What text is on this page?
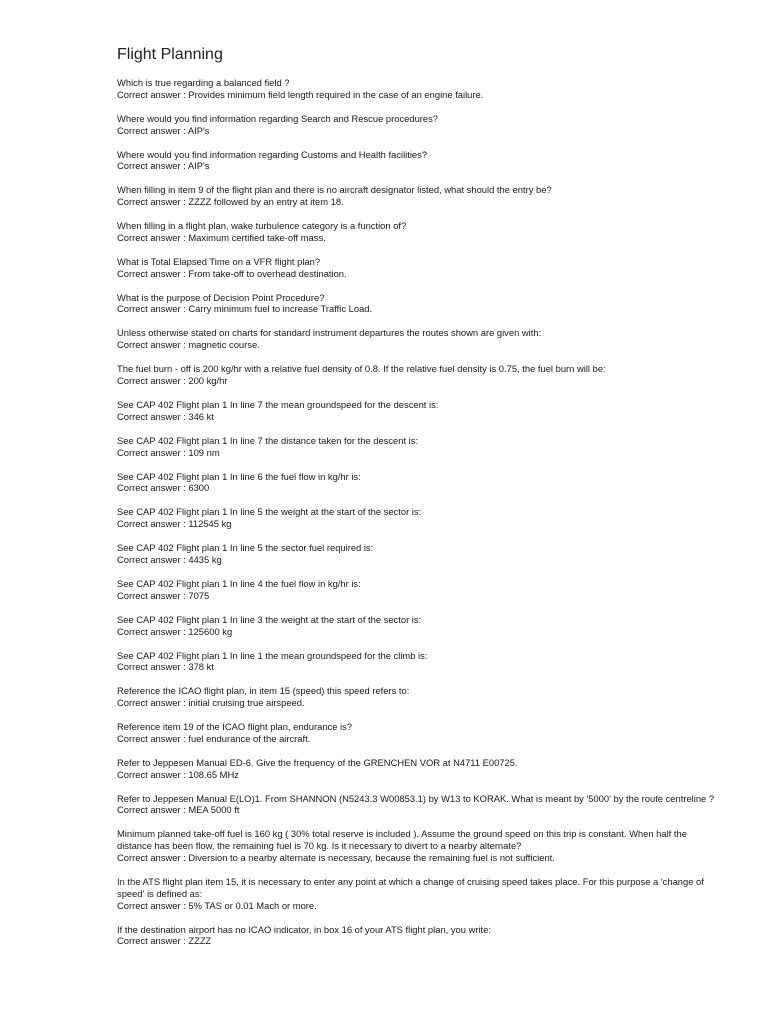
Flight Planning
Which is true regarding a balanced field ?
Correct answer : Provides minimum field length required in the case of an engine failure.
Where would you find information regarding Search and Rescue procedures?
Correct answer : AIP's
Where would you find information regarding Customs and Health facilities?
Correct answer : AIP's
When filling in item 9 of the flight plan and there is no aircraft designator listed, what should the entry be?
Correct answer : ZZZZ followed by an entry at item 18.
When filling in a flight plan, wake turbulence category is a function of?
Correct answer : Maximum certified take-off mass.
What is Total Elapsed Time on a VFR flight plan?
Correct answer : From take-off to overhead destination.
What is the purpose of Decision Point Procedure?
Correct answer : Carry minimum fuel to increase Traffic Load.
Unless otherwise stated on charts for standard instrument departures the routes shown are given with:
Correct answer : magnetic course.
The fuel burn - off is 200 kg/hr with a relative fuel density of 0.8. If the relative fuel density is 0.75, the fuel burn will be:
Correct answer : 200 kg/hr
See CAP 402 Flight plan 1 In line 7 the mean groundspeed for the descent is:
Correct answer : 346 kt
See CAP 402 Flight plan 1 In line 7 the distance taken for the descent is:
Correct answer : 109 nm
See CAP 402 Flight plan 1 In line 6 the fuel flow in kg/hr is:
Correct answer : 6300
See CAP 402 Flight plan 1 In line 5 the weight at the start of the sector is:
Correct answer : 112545 kg
See CAP 402 Flight plan 1 In line 5 the sector fuel required is:
Correct answer : 4435 kg
See CAP 402 Flight plan 1 In line 4 the fuel flow in kg/hr is:
Correct answer : 7075
See CAP 402 Flight plan 1 In line 3 the weight at the start of the sector is:
Correct answer : 125600 kg
See CAP 402 Flight plan 1 In line 1 the mean groundspeed for the climb is:
Correct answer : 378 kt
Reference the ICAO flight plan, in item 15 (speed) this speed refers to:
Correct answer : initial cruising true airspeed.
Reference item 19 of the ICAO flight plan, endurance is?
Correct answer : fuel endurance of the aircraft.
Refer to Jeppesen Manual ED-6. Give the frequency of the GRENCHEN VOR at N4711 E00725.
Correct answer : 108.65 MHz
Refer to Jeppesen Manual E(LO)1. From SHANNON (N5243.3 W00853.1) by W13 to KORAK. What is meant by '5000' by the route centreline ?
Correct answer : MEA 5000 ft
Minimum planned take-off fuel is 160 kg ( 30% total reserve is included ). Assume the ground speed on this trip is constant. When half the distance has been flow, the remaining fuel is 70 kg. Is it necessary to divert to a nearby alternate?
Correct answer : Diversion to a nearby alternate is necessary, because the remaining fuel is not sufficient.
In the ATS flight plan item 15, it is necessary to enter any point at which a change of cruising speed takes place. For this purpose a 'change of speed' is defined as:
Correct answer : 5% TAS or 0.01 Mach or more.
If the destination airport has no ICAO indicator, in box 16 of your ATS flight plan, you write:
Correct answer : ZZZZ
